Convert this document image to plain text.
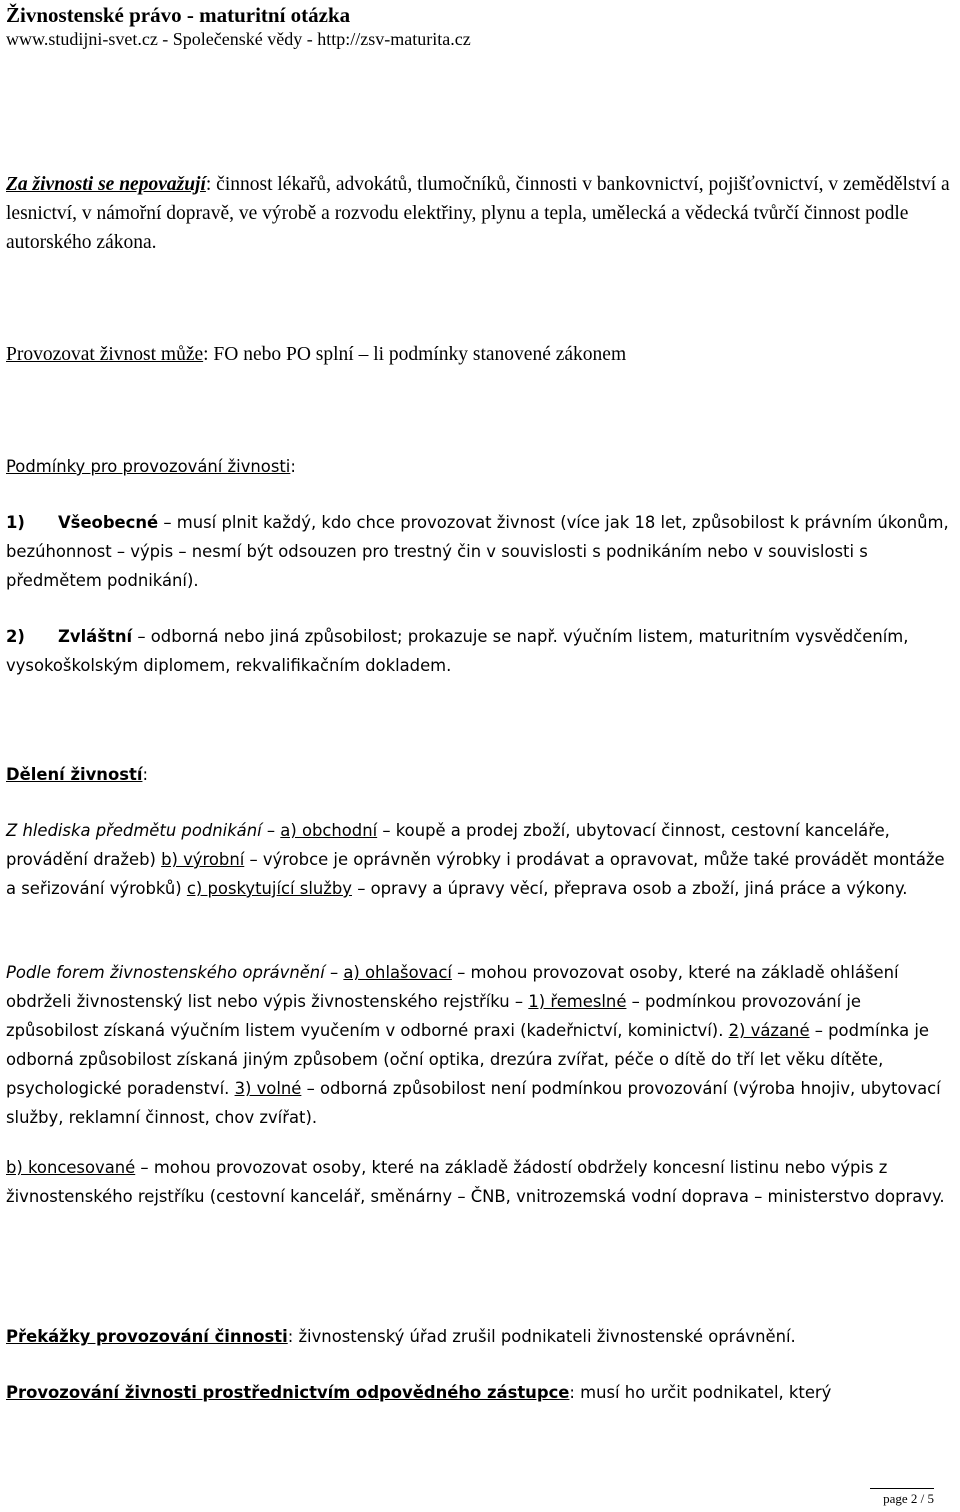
Živnostenské právo - maturitní otázka
www.studijni-svet.cz - Společenské vědy - http://zsv-maturita.cz
Za živnosti se nepovažují: činnost lékařů, advokátů, tlumočníků, činnosti v bankovnictví, pojišťovnictví, v zemědělství a lesnictví, v námořní dopravě, ve výrobě a rozvodu elektřiny, plynu a tepla, umělecká a vědecká tvůrčí činnost podle autorského zákona.
Provozovat živnost může: FO nebo PO splní – li podmínky stanovené zákonem
Podmínky pro provozování živnosti:
1) Všeobecné – musí plnit každý, kdo chce provozovat živnost (více jak 18 let, způsobilost k právním úkonům, bezúhonnost – výpis – nesmí být odsouzen pro trestný čin v souvislosti s podnikáním nebo v souvislosti s předmětem podnikání).
2) Zvláštní – odborná nebo jiná způsobilost; prokazuje se např. výučním listem, maturitním vysvědčením, vysokoškolským diplomem, rekvalifikačním dokladem.
Dělení živností:
Z hlediska předmětu podnikání – a) obchodní – koupě a prodej zboží, ubytovací činnost, cestovní kanceláře, provádění dražeb) b) výrobní – výrobce je oprávněn výrobky i prodávat a opravovat, může také provádět montáže a seřizování výrobků) c) poskytující služby – opravy a úpravy věcí, přeprava osob a zboží, jiná práce a výkony.
Podle forem živnostenského oprávnění – a) ohlašovací – mohou provozovat osoby, které na základě ohlášení obdrželi živnostenský list nebo výpis živnostenského rejstříku – 1) řemeslné – podmínkou provozování je způsobilost získaná výučním listem vyučením v odborné praxi (kadeřnictví, kominictví). 2) vázané – podmínka je odborná způsobilost získaná jiným způsobem (oční optika, drezúra zvířat, péče o dítě do tří let věku dítěte, psychologické poradenství. 3) volné – odborná způsobilost není podmínkou provozování (výroba hnojiv, ubytovací služby, reklamní činnost, chov zvířat).
b) koncesované – mohou provozovat osoby, které na základě žádostí obdržely koncesní listinu nebo výpis z živnostenského rejstříku (cestovní kancelář, směnárny – ČNB, vnitrozemská vodní doprava – ministerstvo dopravy.
Překážky provozování činnosti: živnostenský úřad zrušil podnikateli živnostenské oprávnění.
Provozování živnosti prostřednictvím odpovědného zástupce: musí ho určit podnikatel, který
page 2 / 5
